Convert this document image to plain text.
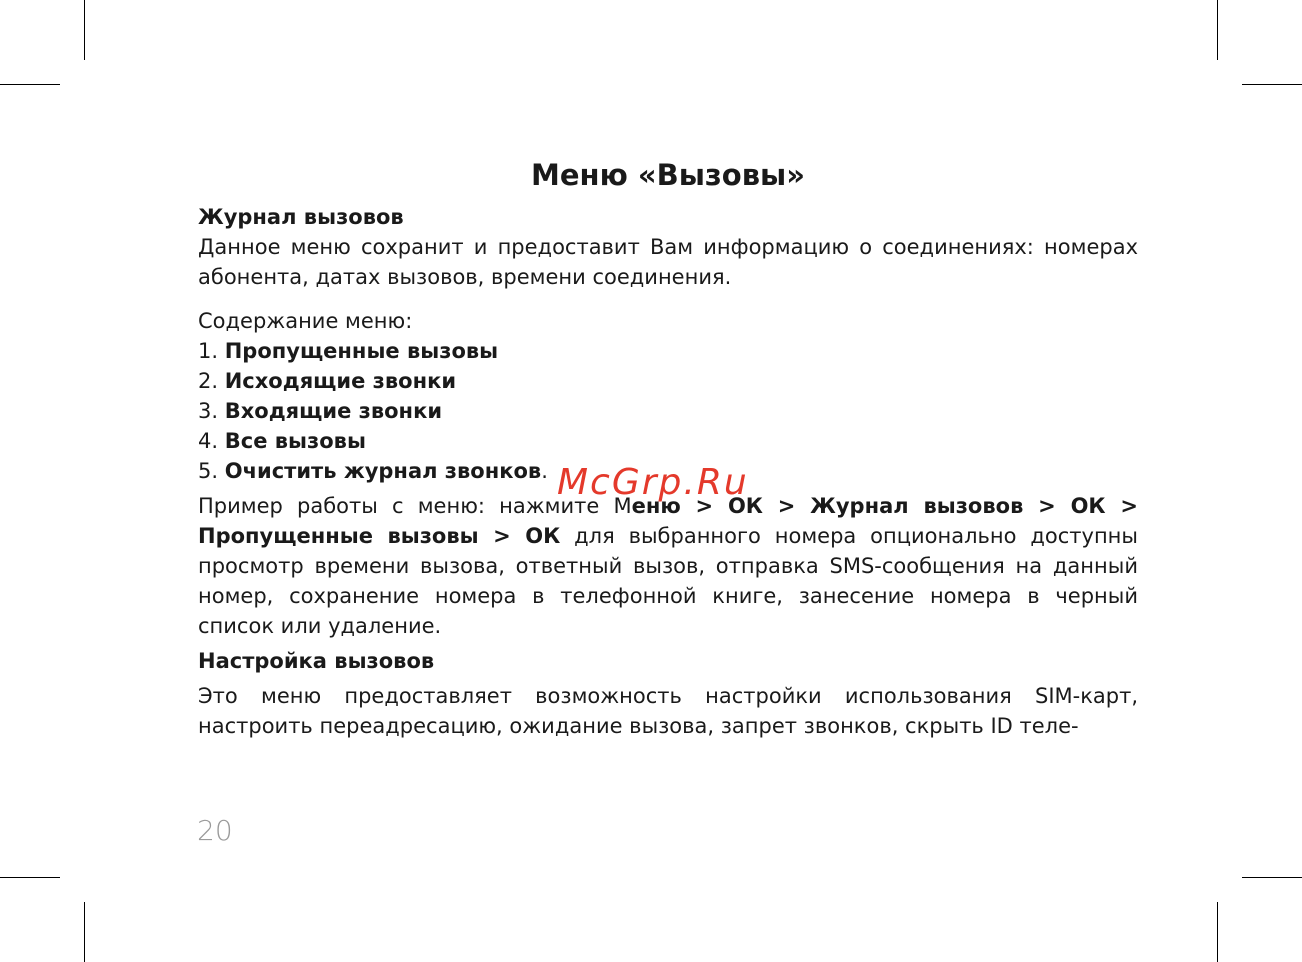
Меню «Вызовы»

Журнал вызовов

Данное меню сохранит и предоставит Вам информацию о соединениях: номерах абонента, датах вызовов, времени соединения.

Содержание меню:

1. Пропущенные вызовы

2. Исходящие звонки

3. Входящие звонки

4. Все вызовы

5. Очистить журнал звонков.

Пример работы с меню: нажмите Меню > ОК > Журнал вызовов > ОК > Пропущенные вызовы > ОК для выбранного номера опционально доступны просмотр времени вызова, ответный вызов, отправка SMS-сообщения на данный номер, сохранение номера в телефонной книге, занесение номера в черный список или удаление.

Настройка вызовов

Это меню предоставляет возможность настройки использования SIM-карт, настроить переадресацию, ожидание вызова, запрет звонков, скрыть ID теле-

McGrp.Ru
20
